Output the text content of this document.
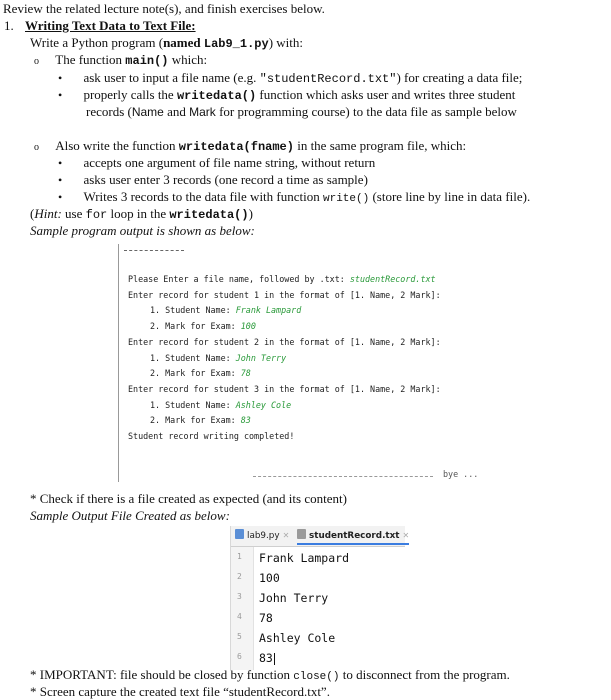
Review the related lecture note(s), and finish exercises below.
1. Writing Text Data to Text File:
Write a Python program (named Lab9_1.py) with:
o The function main() which:
• ask user to input a file name (e.g. "studentRecord.txt") for creating a data file;
• properly calls the writedata() function which asks user and writes three student
records (Name and Mark for programming course) to the data file as sample below
o Also write the function writedata(fname) in the same program file, which:
• accepts one argument of file name string, without return
• asks user enter 3 records (one record a time as sample)
• Writes 3 records to the data file with function write() (store line by line in data file).
(Hint: use for loop in the writedata())
Sample program output is shown as below:
Please Enter a file name, followed by .txt: studentRecord.txt
Enter record for student 1 in the format of [1. Name, 2 Mark]:
1. Student Name: Frank Lampard
2. Mark for Exam: 100
Enter record for student 2 in the format of [1. Name, 2 Mark]:
1. Student Name: John Terry
2. Mark for Exam: 78
Enter record for student 3 in the format of [1. Name, 2 Mark]:
1. Student Name: Ashley Cole
2. Mark for Exam: 83
Student record writing completed!
bye ...
* Check if there is a file created as expected (and its content)
Sample Output File Created as below:
lab9.py ✕	studentRecord.txt ✕
1
2
3
4
5
6
Frank Lampard
100
John Terry
78
Ashley Cole
83
* IMPORTANT: file should be closed by function close() to disconnect from the program.
* Screen capture the created text file “studentRecord.txt”.
